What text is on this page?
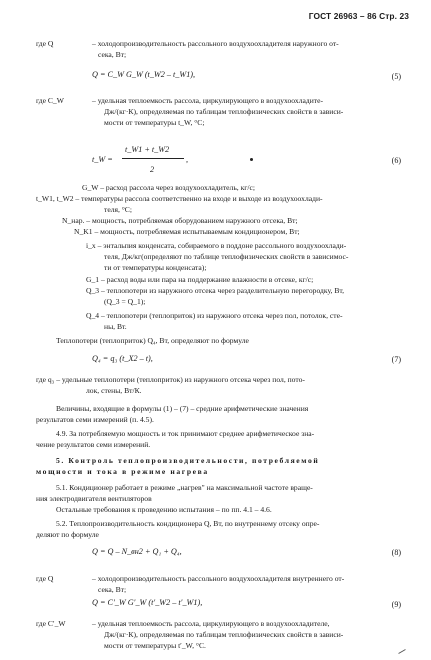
ГОСТ 26963 – 86 Стр. 23
где Q	– холодопроизводительность рассольного воздухоохладителя наружного от-
сека, Вт;
Q = C_W G_W (t_W2 – t_W1),	(5)
где C_W	– удельная теплоемкость рассола, циркулирующего в воздухоохладите-
Дж/(кг·К), определяемая по таблицам теплофизических свойств в зависи-
мости от температуры t_W, °С;
t_W =
t_W1 + t_W2
2
,	(6)
G_W – расход рассола через воздухоохладитель, кг/с;
t_W1, t_W2 – температуры рассола соответственно на входе и выходе из воздухоохлади-
теля, °С;
N_нар. – мощность, потребляемая оборудованием наружного отсека, Вт;
N_K1 – мощность, потребляемая испытываемым кондиционером, Вт;
i_x – энтальпия конденсата, собираемого в поддоне рассольного воздухоохлади-
теля, Дж/кг(определяют по таблице теплофизических свойств в зависимос-
ти от температуры конденсата);
G_1 – расход воды или пара на поддержание влажности в отсеке, кг/с;
Q_3 – теплопотери из наружного отсека через разделительную перегородку, Вт,
(Q_3 = Q_1);
Q_4 – теплопотери (теплоприток) из наружного отсека через пол, потолок, сте-
ны, Вт.
Теплопотери (теплоприток) Q₄, Вт, определяют по формуле
Q₄ = q₃ (t_X2 – t),	(7)
где q₃ – удельные теплопотери (теплоприток) из наружного отсека через пол, пото-
лок, стены, Вт/К.
Величины, входящие в формулы (1) – (7) – средние арифметические значения
результатов семи измерений (п. 4.5).
4.9. За потребляемую мощность и ток принимают среднее арифметическое зна-
чение результатов семи измерений.
5. Контроль теплопроизводительности, потребляемой
мощности и тока в режиме нагрева
5.1. Кондиционер работает в режиме „нагрев" на максимальной частоте враще-
ния электродвигателя вентиляторов
Остальные требования к проведению испытания – по пп. 4.1 – 4.6.
5.2. Теплопроизводительность кондиционера Q, Вт, по внутреннему отсеку опре-
деляют по формуле
Q = Q – N_вн2 + Q₁ + Q₄,	(8)
где Q	– холодопроизводительность рассольного воздухоохладителя внутреннего от-
сека, Вт;
Q = C′_W G′_W (t′_W2 – t′_W1),	(9)
где C′_W	– удельная теплоемкость рассола, циркулирующего в воздухоохладителе,
Дж/(кг·К), определяемая по таблицам теплофизических свойств в зависи-
мости от температуры t′_W, °С.
